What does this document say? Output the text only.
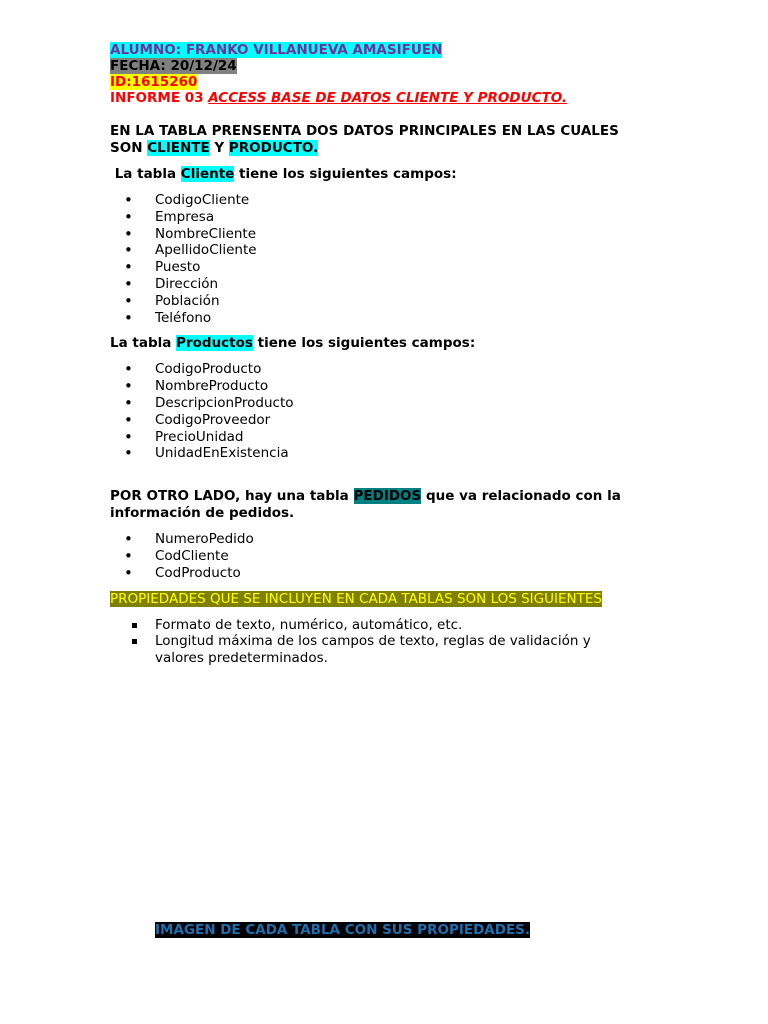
ALUMNO: FRANKO VILLANUEVA AMASIFUEN
FECHA: 20/12/24
ID:1615260
INFORME 03 ACCESS BASE DE DATOS CLIENTE Y PRODUCTO.
EN LA TABLA PRENSENTA DOS DATOS PRINCIPALES EN LAS CUALES
SON CLIENTE Y PRODUCTO.
La tabla Cliente tiene los siguientes campos:
• CodigoCliente
• Empresa
• NombreCliente
• ApellidoCliente
• Puesto
• Dirección
• Población
• Teléfono
La tabla Productos tiene los siguientes campos:
• CodigoProducto
• NombreProducto
• DescripcionProducto
• CodigoProveedor
• PrecioUnidad
• UnidadEnExistencia
POR OTRO LADO, hay una tabla PEDIDOS que va relacionado con la
información de pedidos.
• NumeroPedido
• CodCliente
• CodProducto
PROPIEDADES QUE SE INCLUYEN EN CADA TABLAS SON LOS SIGUIENTES
Formato de texto, numérico, automático, etc.
Longitud máxima de los campos de texto, reglas de validación y valores predeterminados.
IMAGEN DE CADA TABLA CON SUS PROPIEDADES.
